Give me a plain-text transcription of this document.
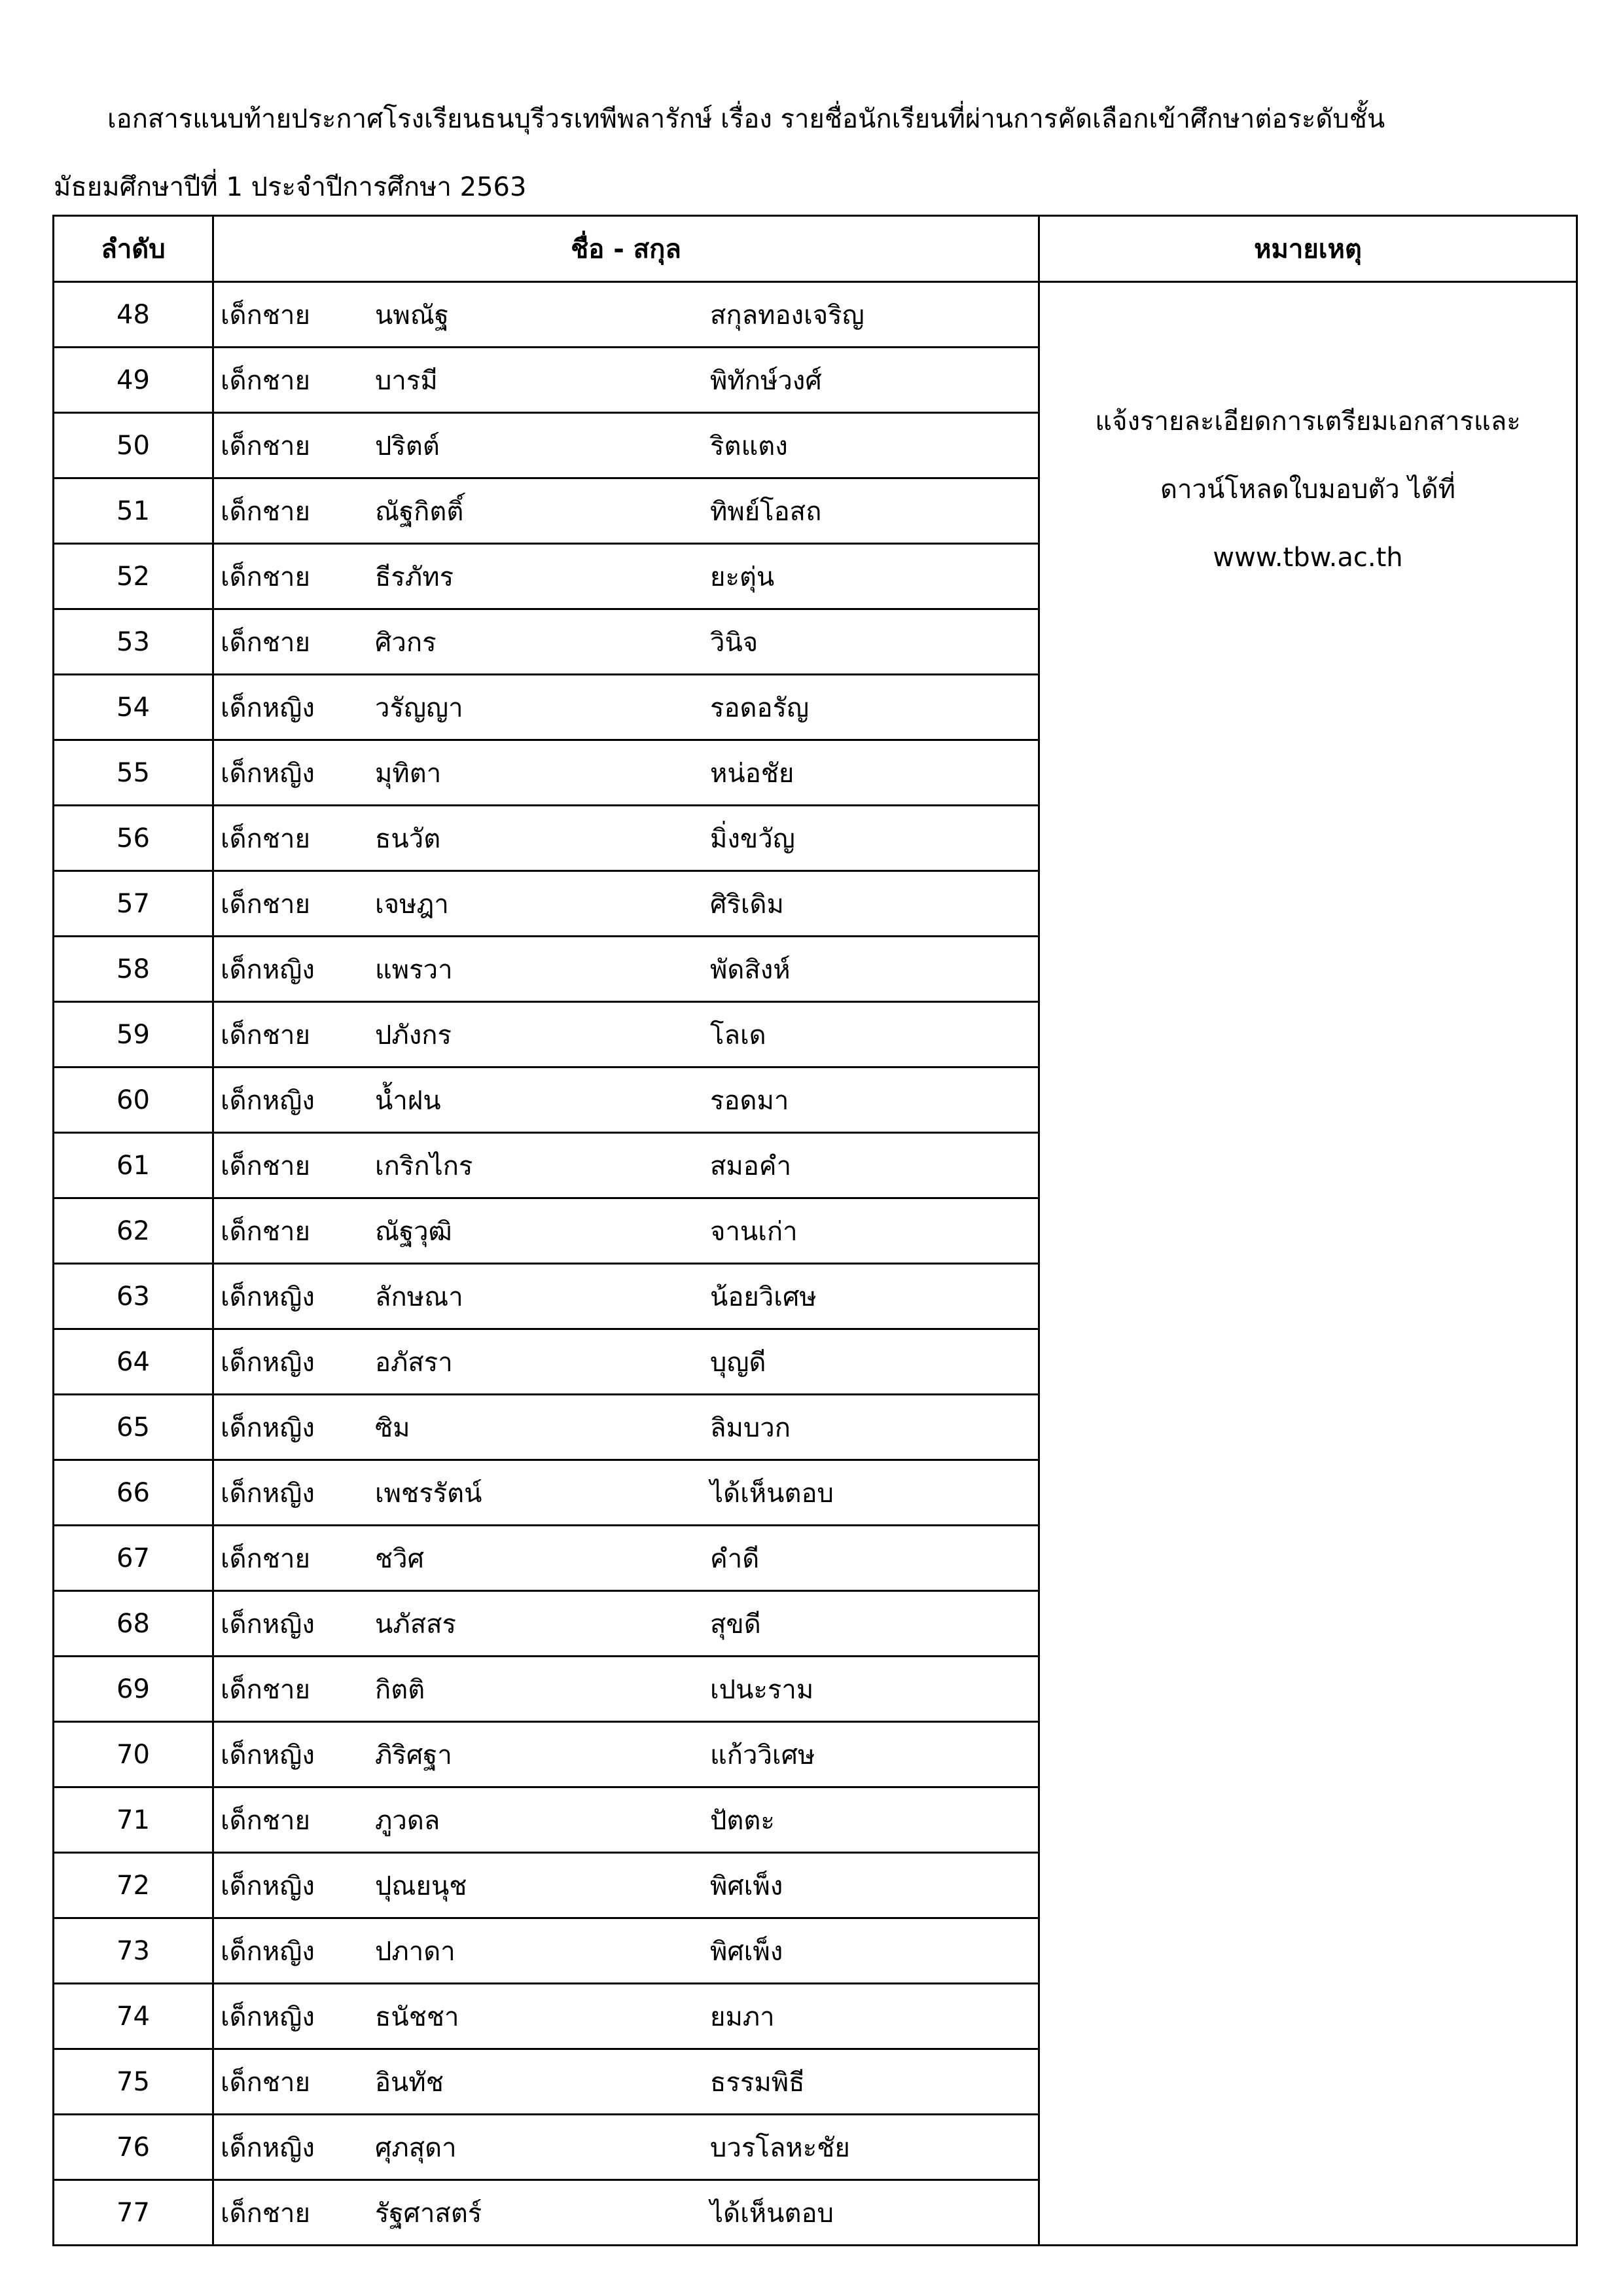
เอกสารแนบท้ายประกาศโรงเรียนธนบุรีวรเทพีพลารักษ์ เรื่อง รายชื่อนักเรียนที่ผ่านการคัดเลือกเข้าศึกษาต่อระดับชั้น
มัธยมศึกษาปีที่ 1 ประจำปีการศึกษา 2563
ลำดับ	ชื่อ - สกุล	หมายเหตุ
48	เด็กชาย นพณัฐ สกุลทองเจริญ	แจ้งรายละเอียดการเตรียมเอกสารและ
ดาวน์โหลดใบมอบตัว ได้ที่
www.tbw.ac.th

49	เด็กชาย บารมี พิทักษ์วงศ์	
50	เด็กชาย ปริตต์ ริตแตง	
51	เด็กชาย ณัฐกิตติ์ ทิพย์โอสถ	
52	เด็กชาย ธีรภัทร ยะตุ่น	
53	เด็กชาย ศิวกร วินิจ	
54	เด็กหญิง วรัญญา รอดอรัญ	
55	เด็กหญิง มุทิตา หน่อชัย	
56	เด็กชาย ธนวัต มิ่งขวัญ	
57	เด็กชาย เจษฎา ศิริเดิม	
58	เด็กหญิง แพรวา พัดสิงห์	
59	เด็กชาย ปภังกร โลเด	
60	เด็กหญิง น้ำฝน รอดมา	
61	เด็กชาย เกริกไกร สมอคำ	
62	เด็กชาย ณัฐวุฒิ จานเก่า	
63	เด็กหญิง ลักษณา น้อยวิเศษ	
64	เด็กหญิง อภัสรา บุญดี	
65	เด็กหญิง ซิม ลิมบวก	
66	เด็กหญิง เพชรรัตน์ ได้เห็นตอบ	
67	เด็กชาย ชวิศ คำดี	
68	เด็กหญิง นภัสสร สุขดี	
69	เด็กชาย กิตติ เปนะราม	
70	เด็กหญิง ภิริศฐา แก้ววิเศษ	
71	เด็กชาย ภูวดล ปัตตะ	
72	เด็กหญิง ปุณยนุช พิศเพ็ง	
73	เด็กหญิง ปภาดา พิศเพ็ง	
74	เด็กหญิง ธนัชชา ยมภา	
75	เด็กชาย อินทัช ธรรมพิธี	
76	เด็กหญิง ศุภสุดา บวรโลหะชัย	
77	เด็กชาย รัฐศาสตร์ ได้เห็นตอบ	
